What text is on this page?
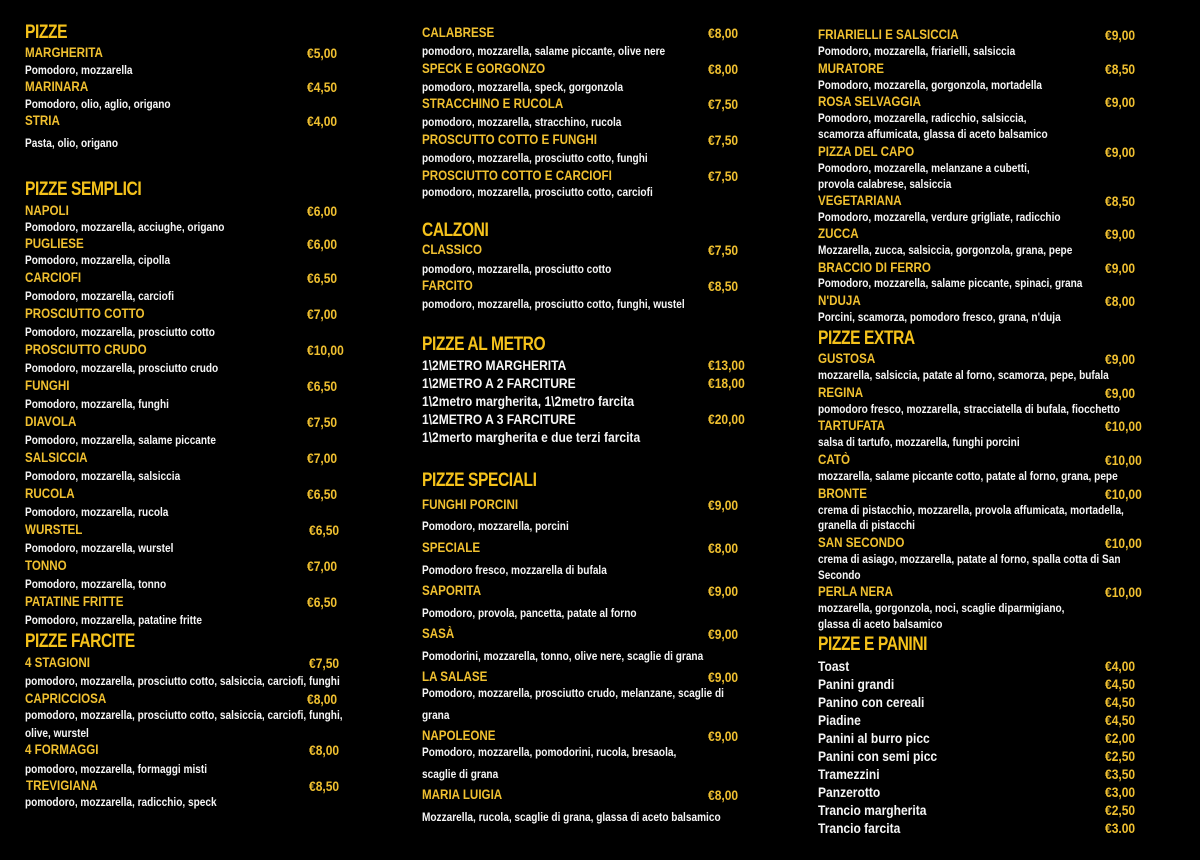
PIZZE
MARGHERITA	€5,00
Pomodoro, mozzarella
MARINARA	€4,50
Pomodoro, olio, aglio, origano
STRIA	€4,00
Pasta, olio, origano
PIZZE SEMPLICI
NAPOLI	€6,00
Pomodoro, mozzarella, acciughe, origano
PUGLIESE	€6,00
Pomodoro, mozzarella, cipolla
CARCIOFI	€6,50
Pomodoro, mozzarella, carciofi
PROSCIUTTO COTTO	€7,00
Pomodoro, mozzarella, prosciutto cotto
PROSCIUTTO CRUDO	€10,00
Pomodoro, mozzarella, prosciutto crudo
FUNGHI	€6,50
Pomodoro, mozzarella, funghi
DIAVOLA	€7,50
Pomodoro, mozzarella, salame piccante
SALSICCIA	€7,00
Pomodoro, mozzarella, salsiccia
RUCOLA	€6,50
Pomodoro, mozzarella, rucola
WURSTEL	€6,50
Pomodoro, mozzarella, wurstel
TONNO	€7,00
Pomodoro, mozzarella, tonno
PATATINE FRITTE	€6,50
Pomodoro, mozzarella, patatine fritte
PIZZE FARCITE
4 STAGIONI	€7,50
pomodoro, mozzarella, prosciutto cotto, salsiccia, carciofi, funghi
CAPRICCIOSA	€8,00
pomodoro, mozzarella, prosciutto cotto, salsiccia, carciofi, funghi,
olive, wurstel
4 FORMAGGI	€8,00
pomodoro, mozzarella, formaggi misti
TREVIGIANA	€8,50
pomodoro, mozzarella, radicchio, speck
CALABRESE	€8,00
pomodoro, mozzarella, salame piccante, olive nere
SPECK E GORGONZO	€8,00
pomodoro, mozzarella, speck, gorgonzola
STRACCHINO E RUCOLA	€7,50
pomodoro, mozzarella, stracchino, rucola
PROSCUTTO COTTO E FUNGHI	€7,50
pomodoro, mozzarella, prosciutto cotto, funghi
PROSCIUTTO COTTO E CARCIOFI	€7,50
pomodoro, mozzarella, prosciutto cotto, carciofi
CALZONI
CLASSICO	€7,50
pomodoro, mozzarella, prosciutto cotto
FARCITO	€8,50
pomodoro, mozzarella, prosciutto cotto, funghi, wustel
PIZZE AL METRO
1\2METRO MARGHERITA	€13,00
1\2METRO A 2 FARCITURE	€18,00
1\2metro margherita, 1\2metro farcita
1\2METRO A 3 FARCITURE	€20,00
1\2merto margherita e due terzi farcita
PIZZE SPECIALI
FUNGHI PORCINI	€9,00
Pomodoro, mozzarella, porcini
SPECIALE	€8,00
Pomodoro fresco, mozzarella di bufala
SAPORITA	€9,00
Pomodoro, provola, pancetta, patate al forno
SASÀ	€9,00
Pomodorini, mozzarella, tonno, olive nere, scaglie di grana
LA SALASE	€9,00
Pomodoro, mozzarella, prosciutto crudo, melanzane, scaglie di
grana
NAPOLEONE	€9,00
Pomodoro, mozzarella, pomodorini, rucola, bresaola,
scaglie di grana
MARIA LUIGIA	€8,00
Mozzarella, rucola, scaglie di grana, glassa di aceto balsamico
FRIARIELLI E SALSICCIA	€9,00
Pomodoro, mozzarella, friarielli, salsiccia
MURATORE	€8,50
Pomodoro, mozzarella, gorgonzola, mortadella
ROSA SELVAGGIA	€9,00
Pomodoro, mozzarella, radicchio, salsiccia,
scamorza affumicata, glassa di aceto balsamico
PIZZA DEL CAPO	€9,00
Pomodoro, mozzarella, melanzane a cubetti,
provola calabrese, salsiccia
VEGETARIANA	€8,50
Pomodoro, mozzarella, verdure grigliate, radicchio
ZUCCA	€9,00
Mozzarella, zucca, salsiccia, gorgonzola, grana, pepe
BRACCIO DI FERRO	€9,00
Pomodoro, mozzarella, salame piccante, spinaci, grana
N'DUJA	€8,00
Porcini, scamorza, pomodoro fresco, grana, n'duja
PIZZE EXTRA
GUSTOSA	€9,00
mozzarella, salsiccia, patate al forno, scamorza, pepe, bufala
REGINA	€9,00
pomodoro fresco, mozzarella, stracciatella di bufala, fiocchetto
TARTUFATA	€10,00
salsa di tartufo, mozzarella, funghi porcini
CATÒ	€10,00
mozzarella, salame piccante cotto, patate al forno, grana, pepe
BRONTE	€10,00
crema di pistacchio, mozzarella, provola affumicata, mortadella,
granella di pistacchi
SAN SECONDO	€10,00
crema di asiago, mozzarella, patate al forno, spalla cotta di San
Secondo
PERLA NERA	€10,00
mozzarella, gorgonzola, noci, scaglie diparmigiano,
glassa di aceto balsamico
PIZZE E PANINI
Toast	€4,00
Panini grandi	€4,50
Panino con cereali	€4,50
Piadine	€4,50
Panini al burro picc	€2,00
Panini con semi picc	€2,50
Tramezzini	€3,50
Panzerotto	€3,00
Trancio margherita	€2,50
Trancio farcita	€3.00
